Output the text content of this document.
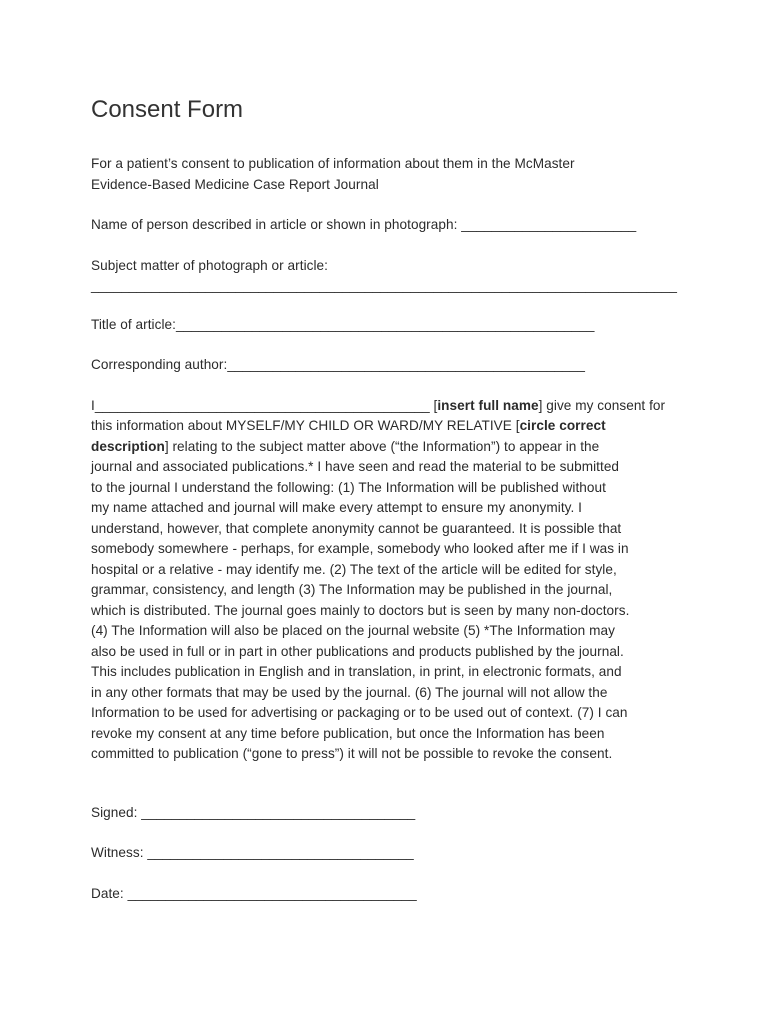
Consent Form

For a patient’s consent to publication of information about them in the McMaster

Evidence-Based Medicine Case Report Journal

Name of person described in article or shown in photograph: _______________________

Subject matter of photograph or article:

_____________________________________________________________________________

Title of article:_______________________________________________________

Corresponding author:_______________________________________________

I____________________________________________ [insert full name] give my consent for

this information about MYSELF/MY CHILD OR WARD/MY RELATIVE [circle correct

description] relating to the subject matter above (“the Information”) to appear in the

journal and associated publications.* I have seen and read the material to be submitted

to the journal I understand the following: (1) The Information will be published without

my name attached and journal will make every attempt to ensure my anonymity. I

understand, however, that complete anonymity cannot be guaranteed. It is possible that

somebody somewhere - perhaps, for example, somebody who looked after me if I was in

hospital or a relative - may identify me. (2) The text of the article will be edited for style,

grammar, consistency, and length (3) The Information may be published in the journal,

which is distributed. The journal goes mainly to doctors but is seen by many non-doctors.

(4) The Information will also be placed on the journal website (5) *The Information may

also be used in full or in part in other publications and products published by the journal.

This includes publication in English and in translation, in print, in electronic formats, and

in any other formats that may be used by the journal. (6) The journal will not allow the

Information to be used for advertising or packaging or to be used out of context. (7) I can

revoke my consent at any time before publication, but once the Information has been

committed to publication (“gone to press”) it will not be possible to revoke the consent.

Signed: ____________________________________

Witness: ___________________________________

Date: ______________________________________
